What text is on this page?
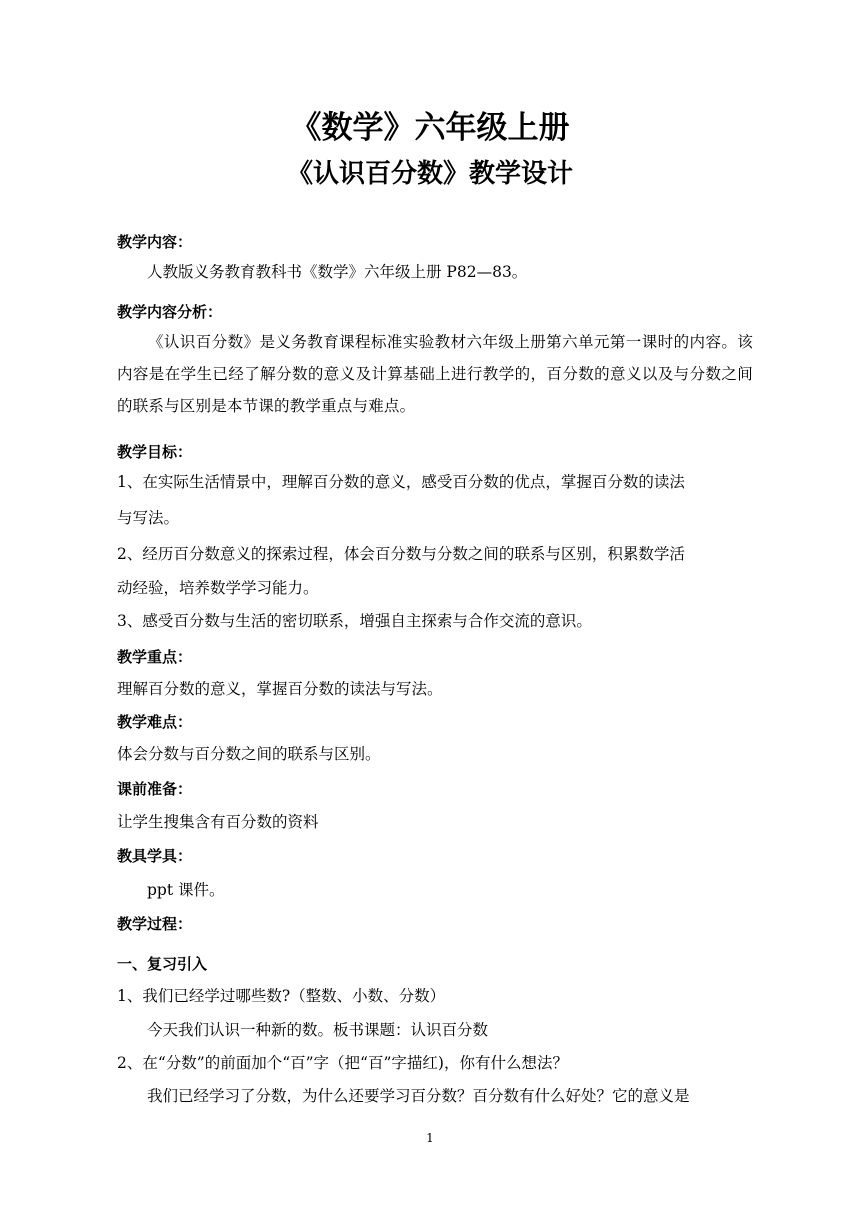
《数学》六年级上册
《认识百分数》教学设计
教学内容：
人教版义务教育教科书《数学》六年级上册 P82—83。
教学内容分析：
《认识百分数》是义务教育课程标准实验教材六年级上册第六单元第一课时的内容。该内容是在学生已经了解分数的意义及计算基础上进行教学的，百分数的意义以及与分数之间的联系与区别是本节课的教学重点与难点。
教学目标：
1、在实际生活情景中，理解百分数的意义，感受百分数的优点，掌握百分数的读法
与写法。
2、经历百分数意义的探索过程，体会百分数与分数之间的联系与区别，积累数学活
动经验，培养数学学习能力。
3、感受百分数与生活的密切联系，增强自主探索与合作交流的意识。
教学重点：
理解百分数的意义，掌握百分数的读法与写法。
教学难点：
体会分数与百分数之间的联系与区别。
课前准备：
让学生搜集含有百分数的资料
教具学具：
ppt 课件。
教学过程：
一、复习引入
1、我们已经学过哪些数?（整数、小数、分数）
今天我们认识一种新的数。板书课题：认识百分数
2、在“分数”的前面加个“百”字（把“百”字描红)，你有什么想法？
我们已经学习了分数，为什么还要学习百分数？百分数有什么好处？它的意义是
1
